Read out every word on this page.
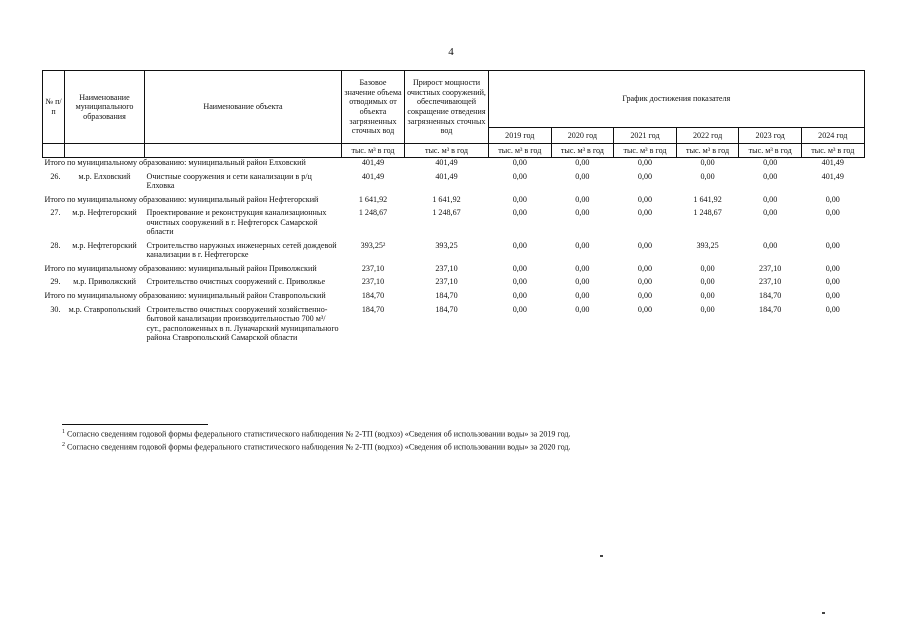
4
№ п/п	Наименование муниципального образования	Наименование объекта	Базовое значение объема отводимых от объекта загрязненных сточных вод	Прирост мощности очистных сооружений, обеспечивающей сокращение отведения загрязненных сточных вод	График достижения показателя					
					2019 год	2020 год	2021 год	2022 год	2023 год	2024 год
			тыс. м³ в год	тыс. м³ в год	тыс. м³ в год	тыс. м³ в год	тыс. м³ в год	тыс. м³ в год	тыс. м³ в год	тыс. м³ в год
Итого по муниципальному образованию: муниципальный район Елховский			401,49	401,49	0,00	0,00	0,00	0,00	0,00	401,49
26.	м.р. Елховский	Очистные сооружения и сети канализации в р/ц Елховка	401,49	401,49	0,00	0,00	0,00	0,00	0,00	401,49
Итого по муниципальному образованию: муниципальный район Нефтегорский			1 641,92	1 641,92	0,00	0,00	0,00	1 641,92	0,00	0,00
27.	м.р. Нефтегорский	Проектирование и реконструкция канализационных очистных сооружений в г. Нефтегорск Самарской области	1 248,67	1 248,67	0,00	0,00	0,00	1 248,67	0,00	0,00
28.	м.р. Нефтегорский	Строительство наружных инженерных сетей дождевой канализации в г. Нефтегорске	393,25²	393,25	0,00	0,00	0,00	393,25	0,00	0,00
Итого по муниципальному образованию: муниципальный район Приволжский			237,10	237,10	0,00	0,00	0,00	0,00	237,10	0,00
29.	м.р. Приволжский	Строительство очистных сооружений с. Приволжье	237,10	237,10	0,00	0,00	0,00	0,00	237,10	0,00
Итого по муниципальному образованию: муниципальный район Ставропольский			184,70	184,70	0,00	0,00	0,00	0,00	184,70	0,00
30.	м.р. Ставропольский	Строительство очистных сооружений хозяйственно-бытовой канализации производительностью 700 м³/сут., расположенных в п. Луначарский муниципального района Ставропольский Самарской области	184,70	184,70	0,00	0,00	0,00	0,00	184,70	0,00
$^1$ Согласно сведениям годовой формы федерального статистического наблюдения № 2-ТП (водхоз) «Сведения об использовании воды» за 2019 год.
$^2$ Согласно сведениям годовой формы федерального статистического наблюдения № 2-ТП (водхоз) «Сведения об использовании воды» за 2020 год.
